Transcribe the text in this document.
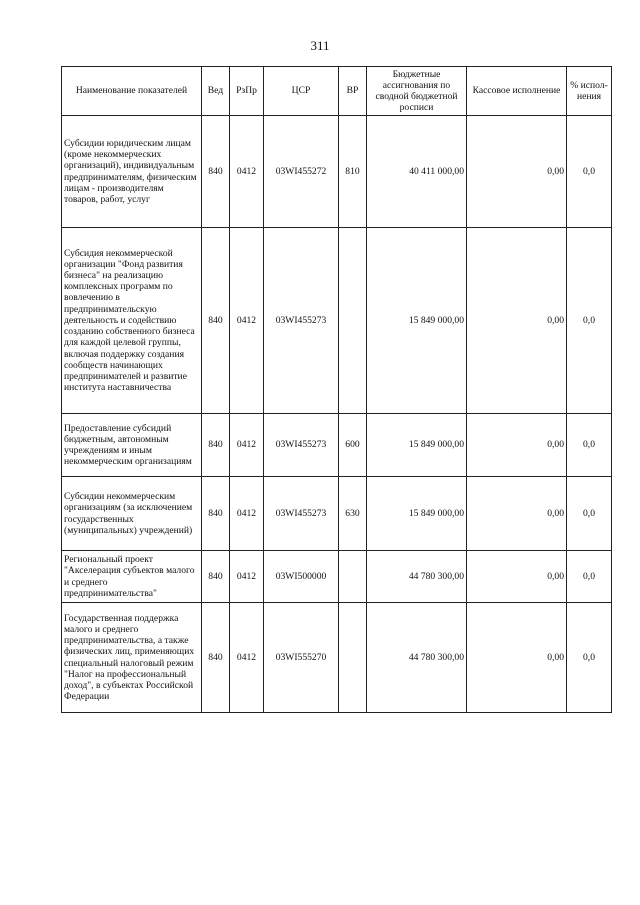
311
Наименование показателей	Вед	РзПр	ЦСР	ВР	Бюджетные ассигнования по сводной бюджетной росписи	Кассовое исполнение	% испол-нения
Субсидии юридическим лицам (кроме некоммерческих организаций), индивидуальным предпринимателям, физическим лицам - производителям товаров, работ, услуг	840	0412	03WI455272	810	40 411 000,00	0,00	0,0
Субсидия некоммерческой организации "Фонд развития бизнеса" на реализацию комплексных программ по вовлечению в предпринимательскую деятельность и содействию созданию собственного бизнеса для каждой целевой группы, включая поддержку создания сообществ начинающих предпринимателей и развитие института наставничества	840	0412	03WI455273		15 849 000,00	0,00	0,0
Предоставление субсидий бюджетным, автономным учреждениям и иным некоммерческим организациям	840	0412	03WI455273	600	15 849 000,00	0,00	0,0
Субсидии некоммерческим организациям (за исключением государственных (муниципальных) учреждений)	840	0412	03WI455273	630	15 849 000,00	0,00	0,0
Региональный проект "Акселерация субъектов малого и среднего предпринимательства"	840	0412	03WI500000		44 780 300,00	0,00	0,0
Государственная поддержка малого и среднего предпринимательства, а также физических лиц, применяющих специальный налоговый режим "Налог на профессиональный доход", в субъектах Российской Федерации	840	0412	03WI555270		44 780 300,00	0,00	0,0
